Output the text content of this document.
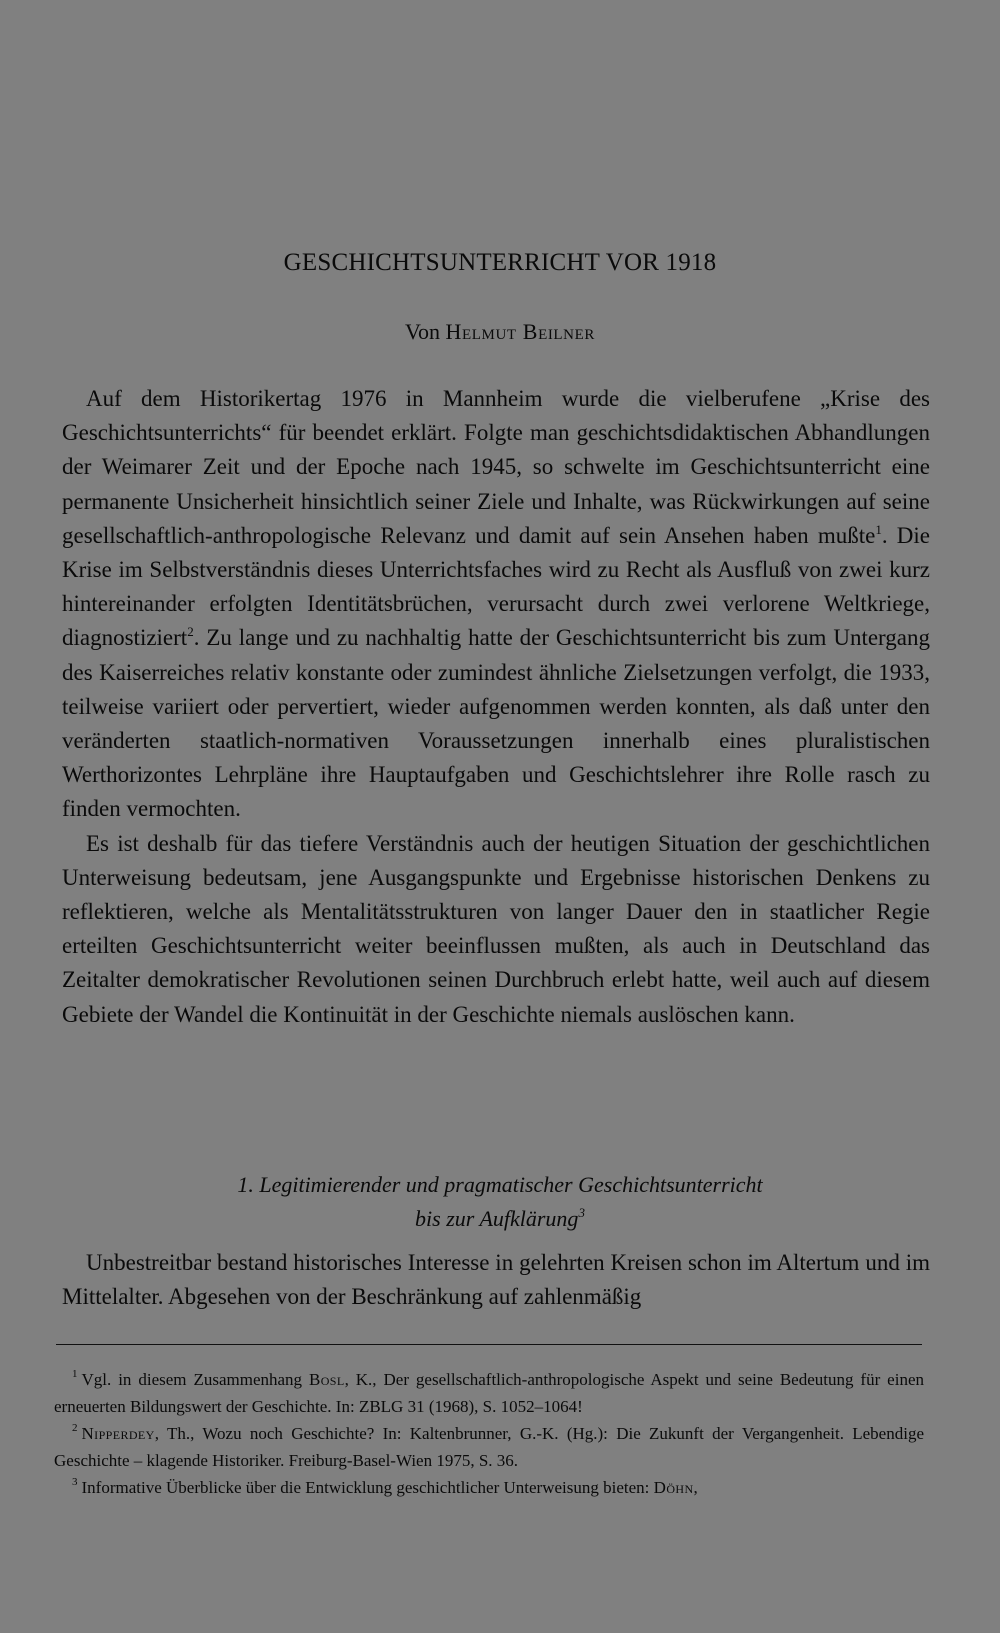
GESCHICHTSUNTERRICHT VOR 1918
Von Helmut Beilner

Auf dem Historikertag 1976 in Mannheim wurde die vielberufene „Krise des Geschichtsunterrichts“ für beendet erklärt. Folgte man geschichtsdidaktischen Abhandlungen der Weimarer Zeit und der Epoche nach 1945, so schwelte im Geschichtsunterricht eine permanente Unsicherheit hinsichtlich seiner Ziele und Inhalte, was Rückwirkungen auf seine gesellschaftlich-anthropologische Relevanz und damit auf sein Ansehen haben mußte$^1$. Die Krise im Selbstverständnis dieses Unterrichtsfaches wird zu Recht als Ausfluß von zwei kurz hintereinander erfolgten Identitätsbrüchen, verursacht durch zwei verlorene Weltkriege, diagnostiziert$^2$. Zu lange und zu nachhaltig hatte der Geschichtsunterricht bis zum Untergang des Kaiserreiches relativ konstante oder zumindest ähnliche Zielsetzungen verfolgt, die 1933, teilweise variiert oder pervertiert, wieder aufgenommen werden konnten, als daß unter den veränderten staatlich-normativen Voraussetzungen innerhalb eines pluralistischen Werthorizontes Lehrpläne ihre Hauptaufgaben und Geschichtslehrer ihre Rolle rasch zu finden vermochten.

Es ist deshalb für das tiefere Verständnis auch der heutigen Situation der geschichtlichen Unterweisung bedeutsam, jene Ausgangspunkte und Ergebnisse historischen Denkens zu reflektieren, welche als Mentalitätsstrukturen von langer Dauer den in staatlicher Regie erteilten Geschichtsunterricht weiter beeinflussen mußten, als auch in Deutschland das Zeitalter demokratischer Revolutionen seinen Durchbruch erlebt hatte, weil auch auf diesem Gebiete der Wandel die Kontinuität in der Geschichte niemals auslöschen kann.

1. Legitimierender und pragmatischer Geschichtsunterricht
bis zur Aufklärung$^3$

Unbestreitbar bestand historisches Interesse in gelehrten Kreisen schon im Altertum und im Mittelalter. Abgesehen von der Beschränkung auf zahlenmäßig

$^1$ Vgl. in diesem Zusammenhang Bosl, K., Der gesellschaftlich-anthropologische Aspekt und seine Bedeutung für einen erneuerten Bildungswert der Geschichte. In: ZBLG 31 (1968), S. 1052–1064!

$^2$ Nipperdey, Th., Wozu noch Geschichte? In: Kaltenbrunner, G.-K. (Hg.): Die Zukunft der Vergangenheit. Lebendige Geschichte – klagende Historiker. Freiburg-Basel-Wien 1975, S. 36.

$^3$ Informative Überblicke über die Entwicklung geschichtlicher Unterweisung bieten: Döhn,
